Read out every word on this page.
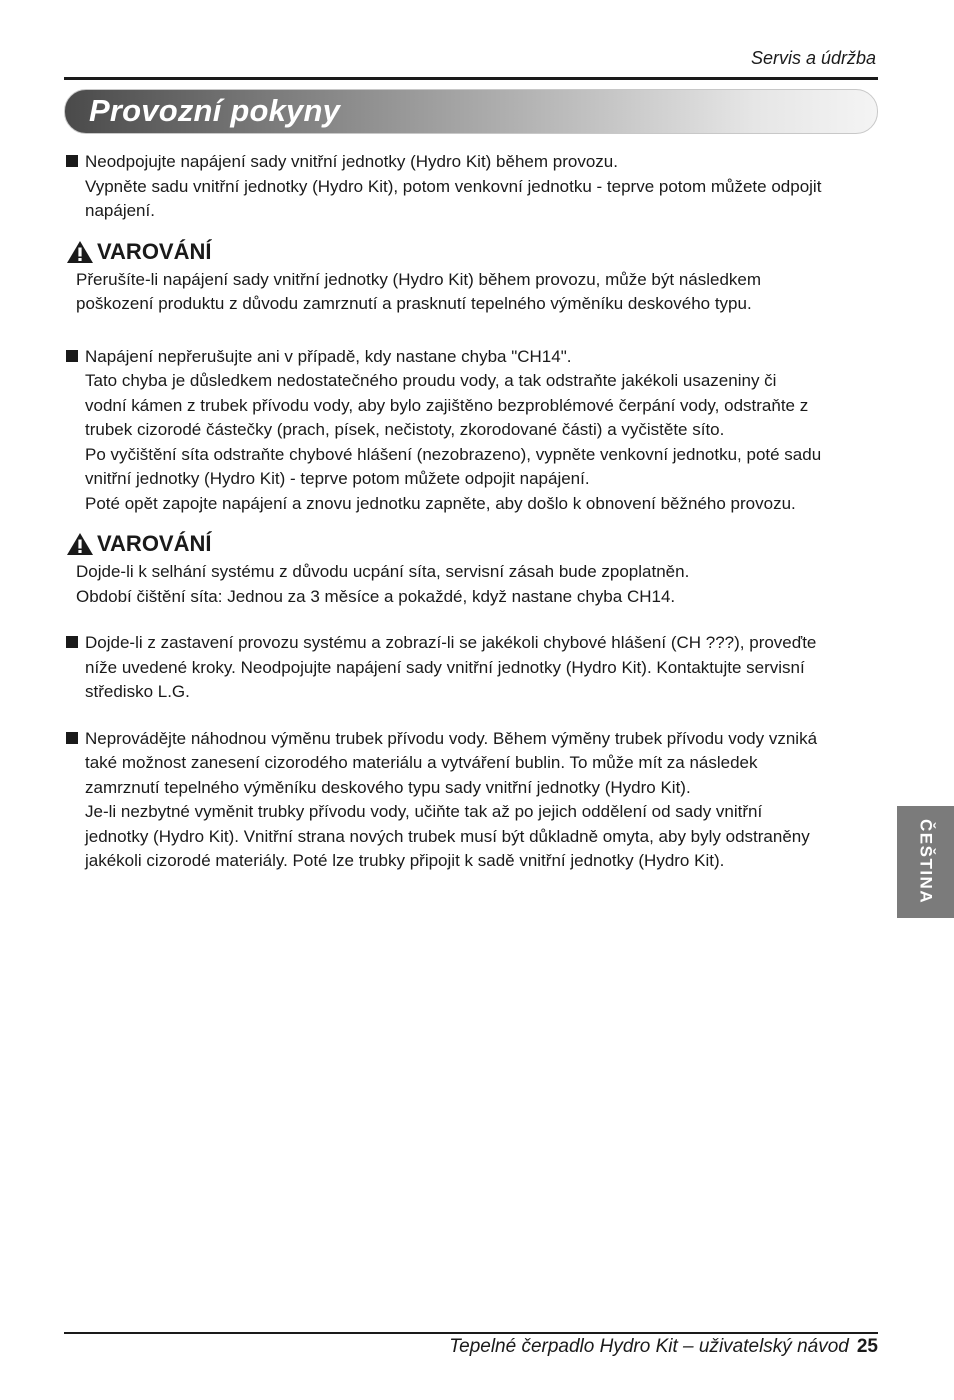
Servis a údržba
Provozní pokyny

Neodpojujte napájení sady vnitřní jednotky (Hydro Kit) během provozu.

Vypněte sadu vnitřní jednotky (Hydro Kit), potom venkovní jednotku - teprve potom můžete odpojit

napájení.

VAROVÁNÍ

Přerušíte-li napájení sady vnitřní jednotky (Hydro Kit) během provozu, může být následkem

poškození produktu z důvodu zamrznutí a prasknutí tepelného výměníku deskového typu.

Napájení nepřerušujte ani v případě, kdy nastane chyba "CH14".

Tato chyba je důsledkem nedostatečného proudu vody, a tak odstraňte jakékoli usazeniny či

vodní kámen z trubek přívodu vody, aby bylo zajištěno bezproblémové čerpání vody, odstraňte z

trubek cizorodé částečky (prach, písek, nečistoty, zkorodované části) a vyčistěte síto.

Po vyčištění síta odstraňte chybové hlášení (nezobrazeno), vypněte venkovní jednotku, poté sadu

vnitřní jednotky (Hydro Kit) - teprve potom můžete odpojit napájení.

Poté opět zapojte napájení a znovu jednotku zapněte, aby došlo k obnovení běžného provozu.

VAROVÁNÍ

Dojde-li k selhání systému z důvodu ucpání síta, servisní zásah bude zpoplatněn.

Období čištění síta: Jednou za 3 měsíce a pokaždé, když nastane chyba CH14.

Dojde-li z zastavení provozu systému a zobrazí-li se jakékoli chybové hlášení (CH ???), proveďte

níže uvedené kroky. Neodpojujte napájení sady vnitřní jednotky (Hydro Kit). Kontaktujte servisní

středisko L.G.

Neprovádějte náhodnou výměnu trubek přívodu vody. Během výměny trubek přívodu vody vzniká

také možnost zanesení cizorodého materiálu a vytváření bublin. To může mít za následek

zamrznutí tepelného výměníku deskového typu sady vnitřní jednotky (Hydro Kit).

Je-li nezbytné vyměnit trubky přívodu vody, učiňte tak až po jejich oddělení od sady vnitřní

jednotky (Hydro Kit). Vnitřní strana nových trubek musí být důkladně omyta, aby byly odstraněny

jakékoli cizorodé materiály. Poté lze trubky připojit k sadě vnitřní jednotky (Hydro Kit).	ČEŠTINA
Tepelné čerpadlo Hydro Kit – uživatelský návod 25
